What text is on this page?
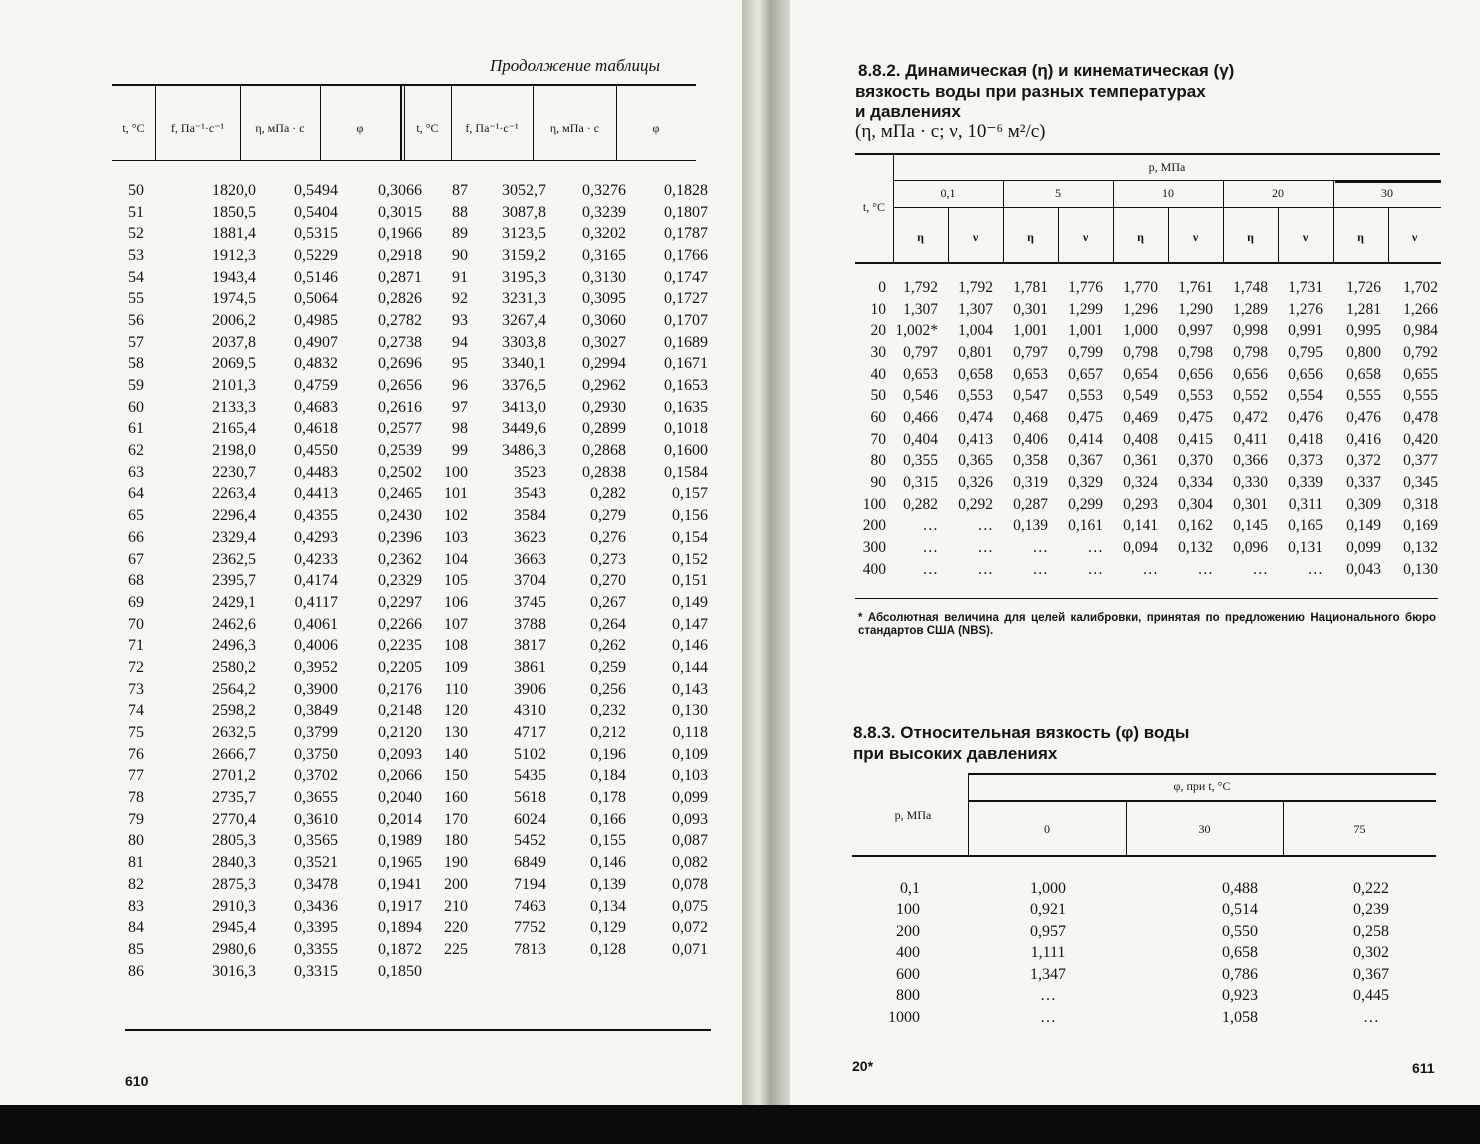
Продолжение таблицы
t, °C	f, Па⁻¹·с⁻¹	η, мПа · с	φ	t, °C	f, Па⁻¹·с⁻¹	η, мПа · с	φ
50	1820,0	0,5494	0,3066	87	3052,7	0,3276	0,1828
51	1850,5	0,5404	0,3015	88	3087,8	0,3239	0,1807
52	1881,4	0,5315	0,1966	89	3123,5	0,3202	0,1787
53	1912,3	0,5229	0,2918	90	3159,2	0,3165	0,1766
54	1943,4	0,5146	0,2871	91	3195,3	0,3130	0,1747
55	1974,5	0,5064	0,2826	92	3231,3	0,3095	0,1727
56	2006,2	0,4985	0,2782	93	3267,4	0,3060	0,1707
57	2037,8	0,4907	0,2738	94	3303,8	0,3027	0,1689
58	2069,5	0,4832	0,2696	95	3340,1	0,2994	0,1671
59	2101,3	0,4759	0,2656	96	3376,5	0,2962	0,1653
60	2133,3	0,4683	0,2616	97	3413,0	0,2930	0,1635
61	2165,4	0,4618	0,2577	98	3449,6	0,2899	0,1018
62	2198,0	0,4550	0,2539	99	3486,3	0,2868	0,1600
63	2230,7	0,4483	0,2502	100	3523	0,2838	0,1584
64	2263,4	0,4413	0,2465	101	3543	0,282	0,157
65	2296,4	0,4355	0,2430	102	3584	0,279	0,156
66	2329,4	0,4293	0,2396	103	3623	0,276	0,154
67	2362,5	0,4233	0,2362	104	3663	0,273	0,152
68	2395,7	0,4174	0,2329	105	3704	0,270	0,151
69	2429,1	0,4117	0,2297	106	3745	0,267	0,149
70	2462,6	0,4061	0,2266	107	3788	0,264	0,147
71	2496,3	0,4006	0,2235	108	3817	0,262	0,146
72	2580,2	0,3952	0,2205	109	3861	0,259	0,144
73	2564,2	0,3900	0,2176	110	3906	0,256	0,143
74	2598,2	0,3849	0,2148	120	4310	0,232	0,130
75	2632,5	0,3799	0,2120	130	4717	0,212	0,118
76	2666,7	0,3750	0,2093	140	5102	0,196	0,109
77	2701,2	0,3702	0,2066	150	5435	0,184	0,103
78	2735,7	0,3655	0,2040	160	5618	0,178	0,099
79	2770,4	0,3610	0,2014	170	6024	0,166	0,093
80	2805,3	0,3565	0,1989	180	5452	0,155	0,087
81	2840,3	0,3521	0,1965	190	6849	0,146	0,082
82	2875,3	0,3478	0,1941	200	7194	0,139	0,078
83	2910,3	0,3436	0,1917	210	7463	0,134	0,075
84	2945,4	0,3395	0,1894	220	7752	0,129	0,072
85	2980,6	0,3355	0,1872	225	7813	0,128	0,071
86	3016,3	0,3315	0,1850				
610
8.8.2. Динамическая (η) и кинематическая (γ)
вязкость воды при разных температурах
и давлениях
(η, мПа · с; ν, 10⁻⁶ м²/с)
t, °C
p, МПа
0,1	5	10	20	30
η	ν	η	ν	η	ν	η	ν	η	ν
0	1,792	1,792	1,781	1,776	1,770	1,761	1,748	1,731	1,726	1,702
10	1,307	1,307	0,301	1,299	1,296	1,290	1,289	1,276	1,281	1,266
20	1,002*	1,004	1,001	1,001	1,000	0,997	0,998	0,991	0,995	0,984
30	0,797	0,801	0,797	0,799	0,798	0,798	0,798	0,795	0,800	0,792
40	0,653	0,658	0,653	0,657	0,654	0,656	0,656	0,656	0,658	0,655
50	0,546	0,553	0,547	0,553	0,549	0,553	0,552	0,554	0,555	0,555
60	0,466	0,474	0,468	0,475	0,469	0,475	0,472	0,476	0,476	0,478
70	0,404	0,413	0,406	0,414	0,408	0,415	0,411	0,418	0,416	0,420
80	0,355	0,365	0,358	0,367	0,361	0,370	0,366	0,373	0,372	0,377
90	0,315	0,326	0,319	0,329	0,324	0,334	0,330	0,339	0,337	0,345
100	0,282	0,292	0,287	0,299	0,293	0,304	0,301	0,311	0,309	0,318
200	…	…	0,139	0,161	0,141	0,162	0,145	0,165	0,149	0,169
300	…	…	…	…	0,094	0,132	0,096	0,131	0,099	0,132
400	…	…	…	…	…	…	…	…	0,043	0,130
* Абсолютная величина для целей калибровки, принятая по предложению Национального бюро стандартов США (NBS).
8.8.3. Относительная вязкость (φ) воды
при высоких давлениях
p, МПа
φ, при t, °C
0	30	75
0,1	1,000	0,488	0,222
100	0,921	0,514	0,239
200	0,957	0,550	0,258
400	1,111	0,658	0,302
600	1,347	0,786	0,367
800	…	0,923	0,445
1000	…	1,058	…
20*	611
